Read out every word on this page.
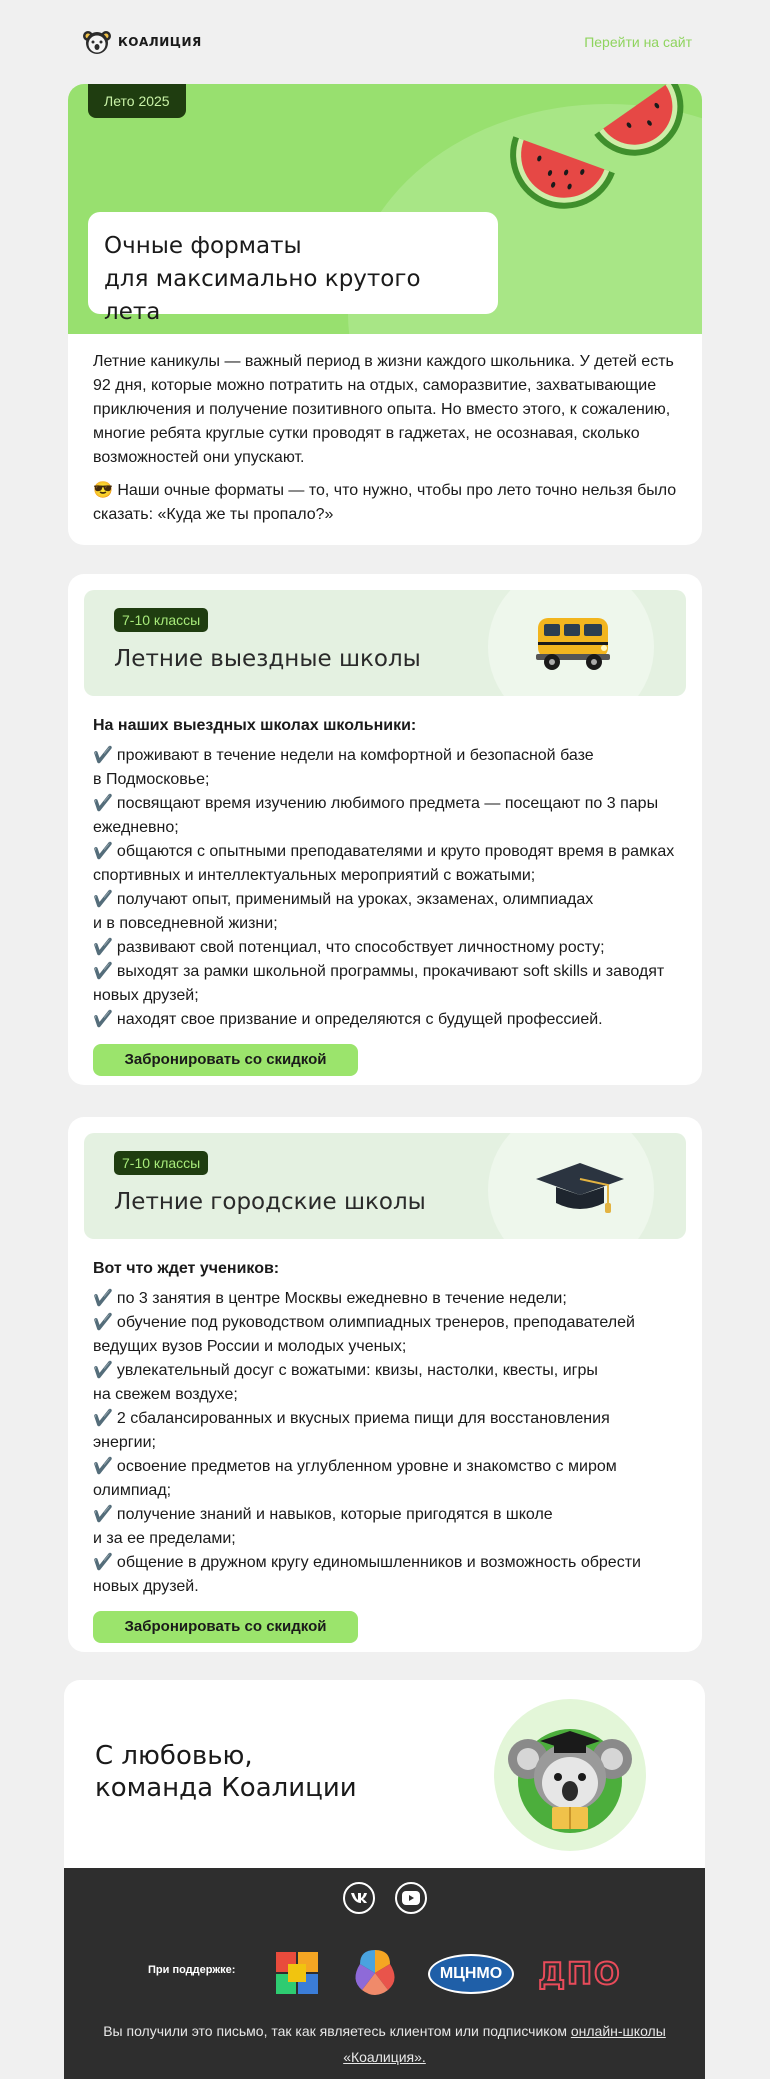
КОАЛИЦИЯ	Перейти на сайт
Лето 2025
Очные форматы
для максимально крутого лета

Летние каникулы — важный период в жизни каждого школьника. У детей есть 92 дня, которые можно потратить на отдых, саморазвитие, захватывающие приключения и получение позитивного опыта. Но вместо этого, к сожалению, многие ребята круглые сутки проводят в гаджетах, не осознавая, сколько возможностей они упускают.

😎 Наши очные форматы — то, что нужно, чтобы про лето точно нельзя было сказать: «Куда же ты пропало?»

7-10 классы
Летние выездные школы
На наших выездных школах школьники:
✔️ проживают в течение недели на комфортной и безопасной базе
в Подмосковье;
✔️ посвящают время изучению любимого предмета — посещают по 3 пары ежедневно;
✔️ общаются с опытными преподавателями и круто проводят время в рамках спортивных и интеллектуальных мероприятий с вожатыми;
✔️ получают опыт, применимый на уроках, экзаменах, олимпиадах
и в повседневной жизни;
✔️ развивают свой потенциал, что способствует личностному росту;
✔️ выходят за рамки школьной программы, прокачивают soft skills и заводят новых друзей;
✔️ находят свое призвание и определяются с будущей профессией.
Забронировать со скидкой
7-10 классы
Летние городские школы
Вот что ждет учеников:
✔️ по 3 занятия в центре Москвы ежедневно в течение недели;
✔️ обучение под руководством олимпиадных тренеров, преподавателей ведущих вузов России и молодых ученых;
✔️ увлекательный досуг с вожатыми: квизы, настолки, квесты, игры
на свежем воздухе;
✔️ 2 сбалансированных и вкусных приема пищи для восстановления энергии;
✔️ освоение предметов на углубленном уровне и знакомство с миром олимпиад;
✔️ получение знаний и навыков, которые пригодятся в школе
и за ее пределами;
✔️ общение в дружном кругу единомышленников и возможность обрести новых друзей.
Забронировать со скидкой
С любовью,
команда Коалиции
При поддержке:	МЦНМО ДПО
Вы получили это письмо, так как являетесь клиентом или подписчиком онлайн-школы «Коалиция».
